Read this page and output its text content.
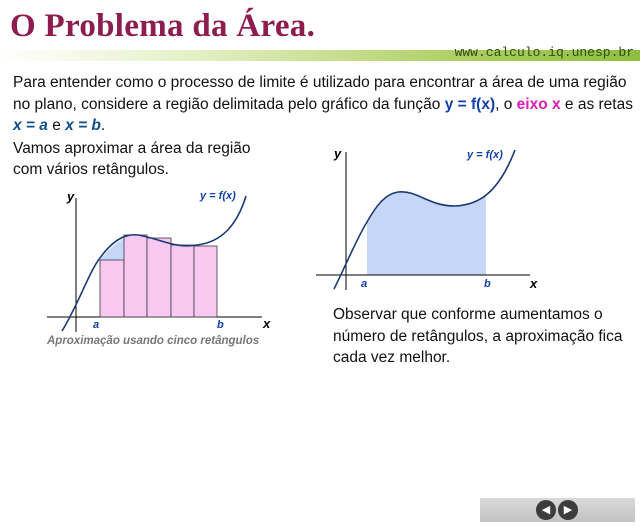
O Problema da Área.
www.calculo.iq.unesp.br

Para entender como o processo de limite é utilizado para encontrar a área de uma região no plano, considere a região delimitada pelo gráfico da função y = f(x), o eixo x e as retas x = a e x = b.

Vamos aproximar a área da região com vários retângulos.

y
x
y = f(x)
a	b

Aproximação usando cinco retângulos

y
x
y = f(x)
a	b

Observar que conforme aumentamos o número de retângulos, a aproximação fica cada vez melhor.

◀	▶
